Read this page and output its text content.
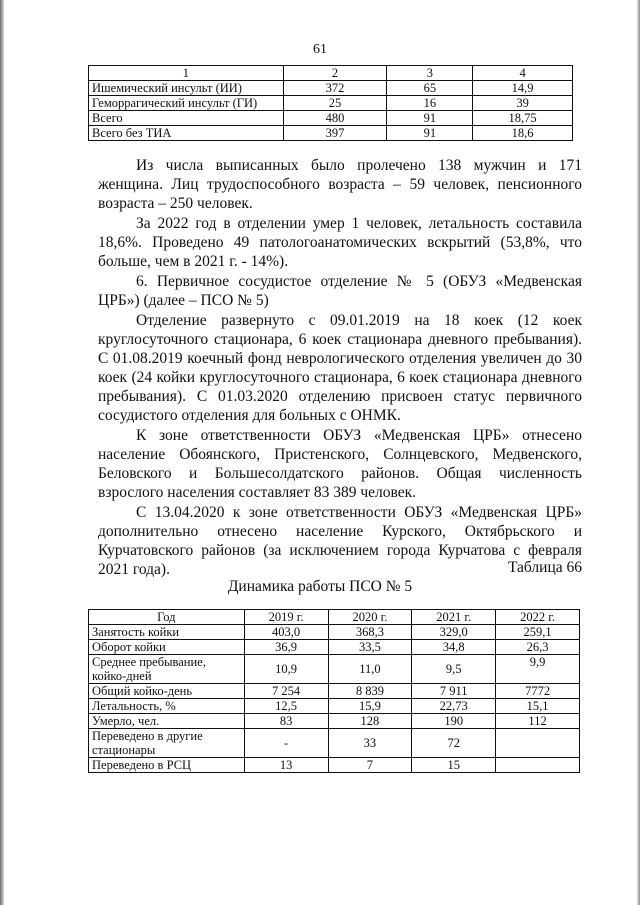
61
1	2	3	4
Ишемический инсульт (ИИ)	372	65	14,9
Геморрагический инсульт (ГИ)	25	16	39
Всего	480	91	18,75
Всего без ТИА	397	91	18,6

Из числа выписанных было пролечено 138 мужчин и 171 женщина. Лиц трудоспособного возраста – 59 человек, пенсионного возраста – 250 человек.

За 2022 год в отделении умер 1 человек, летальность составила 18,6%. Проведено 49 патологоанатомических вскрытий (53,8%, что больше, чем в 2021 г. - 14%).

6. Первичное сосудистое отделение № 5 (ОБУЗ «Медвенская ЦРБ») (далее – ПСО № 5)

Отделение развернуто с 09.01.2019 на 18 коек (12 коек круглосуточного стационара, 6 коек стационара дневного пребывания). С 01.08.2019 коечный фонд неврологического отделения увеличен до 30 коек (24 койки круглосуточного стационара, 6 коек стационара дневного пребывания). С 01.03.2020 отделению присвоен статус первичного сосудистого отделения для больных с ОНМК.

К зоне ответственности ОБУЗ «Медвенская ЦРБ» отнесено население Обоянского, Пристенского, Солнцевского, Медвенского, Беловского и Большесолдатского районов. Общая численность взрослого населения составляет 83 389 человек.

С 13.04.2020 к зоне ответственности ОБУЗ «Медвенская ЦРБ» дополнительно отнесено население Курского, Октябрьского и Курчатовского районов (за исключением города Курчатова с февраля 2021 года).	Таблица 66
Динамика работы ПСО № 5
Год	2019 г.	2020 г.	2021 г.	2022 г.
Занятость койки	403,0	368,3	329,0	259,1
Оборот койки	36,9	33,5	34,8	26,3
Среднее пребывание, койко-дней	10,9	11,0	9,5	9,9
Общий койко-день	7 254	8 839	7 911	7772
Летальность, %	12,5	15,9	22,73	15,1
Умерло, чел.	83	128	190	112
Переведено в другие стационары	-	33	72	
Переведено в РСЦ	13	7	15	
